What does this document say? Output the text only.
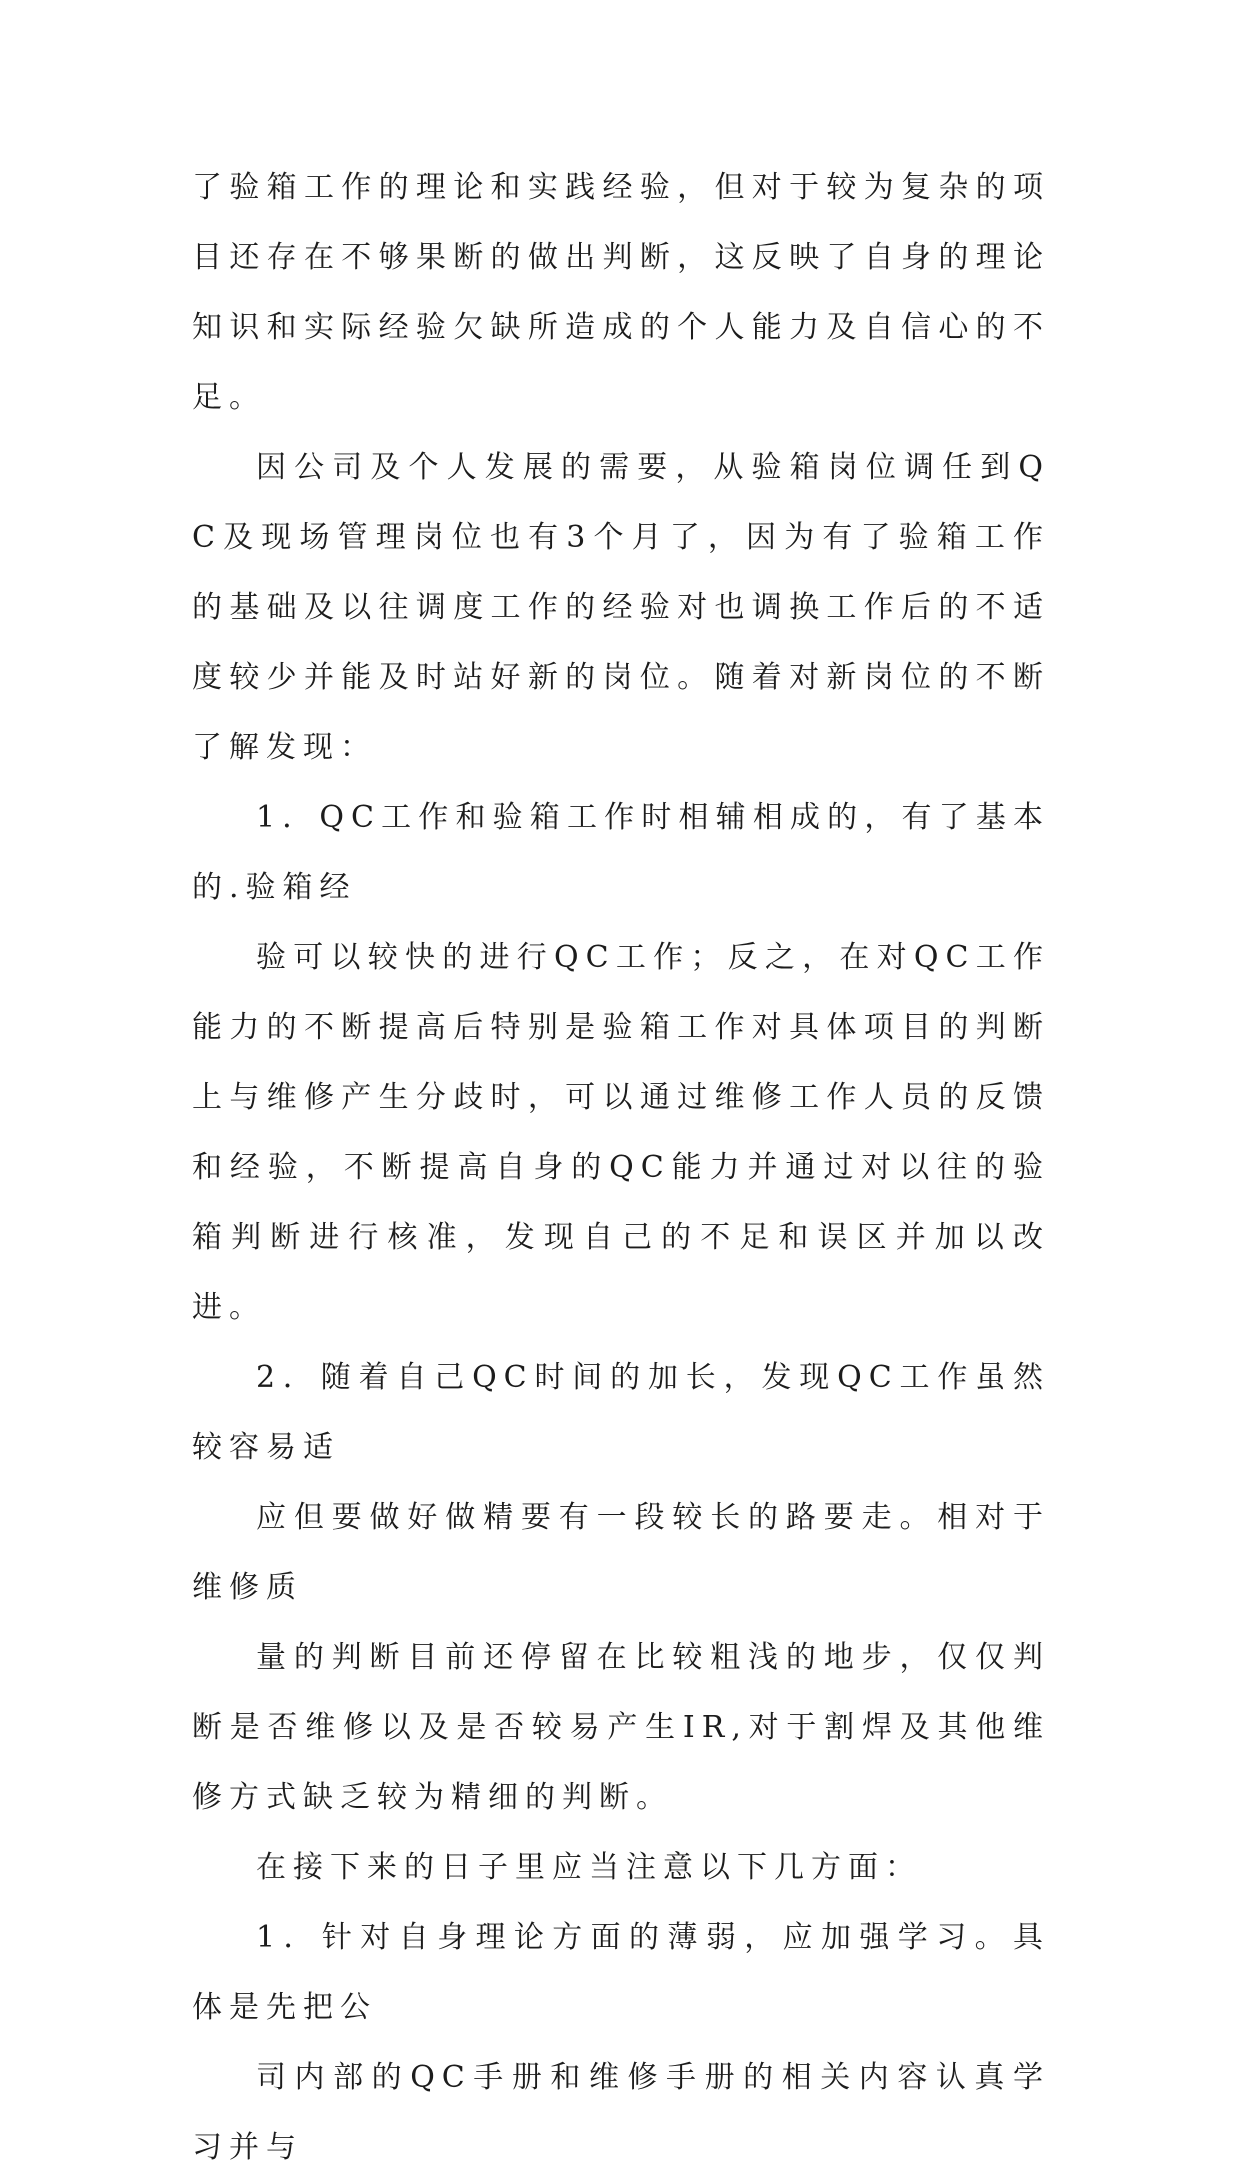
了验箱工作的理论和实践经验，但对于较为复杂的项目还存在不够果断的做出判断，这反映了自身的理论知识和实际经验欠缺所造成的个人能力及自信心的不足。

因公司及个人发展的需要，从验箱岗位调任到QC及现场管理岗位也有3个月了，因为有了验箱工作的基础及以往调度工作的经验对也调换工作后的不适度较少并能及时站好新的岗位。随着对新岗位的不断了解发现：

1．QC工作和验箱工作时相辅相成的，有了基本的.验箱经

验可以较快的进行QC工作；反之，在对QC工作能力的不断提高后特别是验箱工作对具体项目的判断上与维修产生分歧时，可以通过维修工作人员的反馈和经验，不断提高自身的QC能力并通过对以往的验箱判断进行核准，发现自己的不足和误区并加以改进。

2．随着自己QC时间的加长，发现QC工作虽然较容易适

应但要做好做精要有一段较长的路要走。相对于维修质

量的判断目前还停留在比较粗浅的地步，仅仅判断是否维修以及是否较易产生IR,对于割焊及其他维修方式缺乏较为精细的判断。

在接下来的日子里应当注意以下几方面：

1．针对自身理论方面的薄弱，应加强学习。具体是先把公

司内部的QC手册和维修手册的相关内容认真学习并与
